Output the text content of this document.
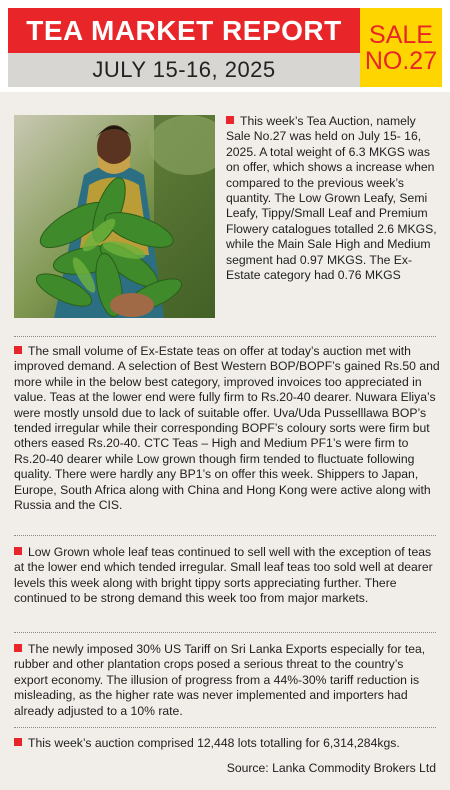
TEA MARKET REPORT
JULY 15-16, 2025
SALE
NO.27

This week’s Tea Auction, namely Sale No.27 was held on July 15- 16, 2025. A total weight of 6.3 MKGS was on offer, which shows a increase when compared to the previous week’s quantity. The Low Grown Leafy, Semi Leafy, Tippy/Small Leaf and Premium Flowery catalogues totalled 2.6 MKGS, while the Main Sale High and Medium segment had 0.97 MKGS. The Ex-Estate category had 0.76 MKGS

The small volume of Ex-Estate teas on offer at today’s auction met with improved demand. A selection of Best Western BOP/BOPF’s gained Rs.50 and more while in the below best category, improved invoices too appreciated in value. Teas at the lower end were fully firm to Rs.20-40 dearer. Nuwara Eliya’s were mostly unsold due to lack of suitable offer. Uva/Uda Pusselllawa BOP’s tended irregular while their corresponding BOPF’s coloury sorts were firm but others eased Rs.20-40. CTC Teas – High and Medium PF1’s were firm to Rs.20-40 dearer while Low grown though firm tended to fluctuate following quality. There were hardly any BP1’s on offer this week. Shippers to Japan, Europe, South Africa along with China and Hong Kong were active along with Russia and the CIS.

Low Grown whole leaf teas continued to sell well with the exception of teas at the lower end which tended irregular. Small leaf teas too sold well at dearer levels this week along with bright tippy sorts appreciating further. There continued to be strong demand this week too from major markets.

The newly imposed 30% US Tariff on Sri Lanka Exports especially for tea, rubber and other plantation crops posed a serious threat to the country’s export economy. The illusion of progress from a 44%-30% tariff reduction is misleading, as the higher rate was never implemented and importers had already adjusted to a 10% rate.

This week’s auction comprised 12,448 lots totalling for 6,314,284kgs.

Source: Lanka Commodity Brokers Ltd
